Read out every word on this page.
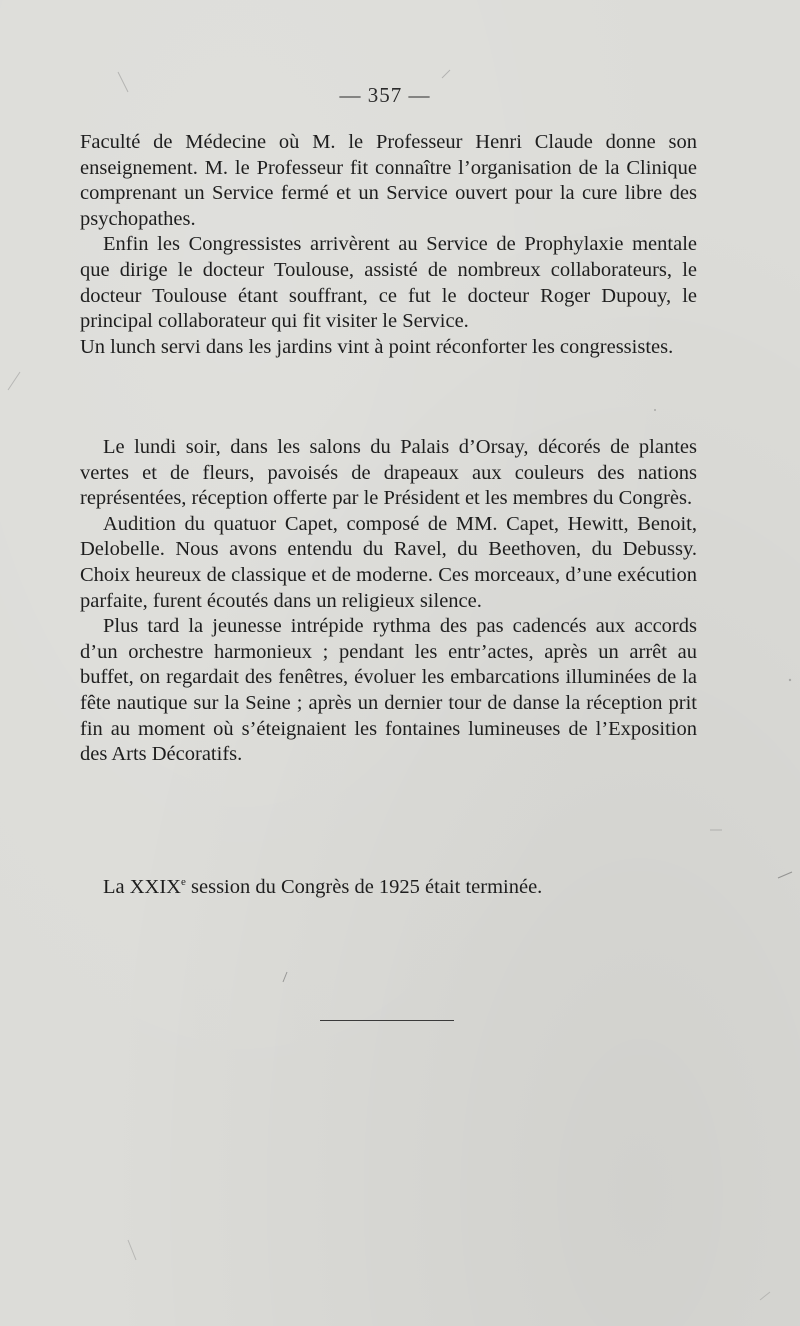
— 357 —

Faculté de Médecine où M. le Professeur Henri Claude donne son enseignement. M. le Professeur fit connaître l’organisation de la Clinique comprenant un Service fermé et un Service ouvert pour la cure libre des psychopathes.

Enfin les Congressistes arrivèrent au Service de Prophylaxie mentale que dirige le docteur Toulouse, assisté de nombreux collaborateurs, le docteur Toulouse étant souffrant, ce fut le docteur Roger Dupouy, le principal collaborateur qui fit visiter le Service.

Un lunch servi dans les jardins vint à point réconforter les congressistes.

Le lundi soir, dans les salons du Palais d’Orsay, décorés de plantes vertes et de fleurs, pavoisés de drapeaux aux couleurs des nations représentées, réception offerte par le Président et les membres du Congrès.

Audition du quatuor Capet, composé de MM. Capet, Hewitt, Benoit, Delobelle. Nous avons entendu du Ravel, du Beethoven, du Debussy. Choix heureux de classique et de moderne. Ces morceaux, d’une exécution parfaite, furent écoutés dans un religieux silence.

Plus tard la jeunesse intrépide rythma des pas cadencés aux accords d’un orchestre harmonieux ; pendant les entr’actes, après un arrêt au buffet, on regardait des fenêtres, évoluer les embarcations illuminées de la fête nautique sur la Seine ; après un dernier tour de danse la réception prit fin au moment où s’éteignaient les fontaines lumineuses de l’Exposition des Arts Décoratifs.

La XXIXe session du Congrès de 1925 était terminée.
